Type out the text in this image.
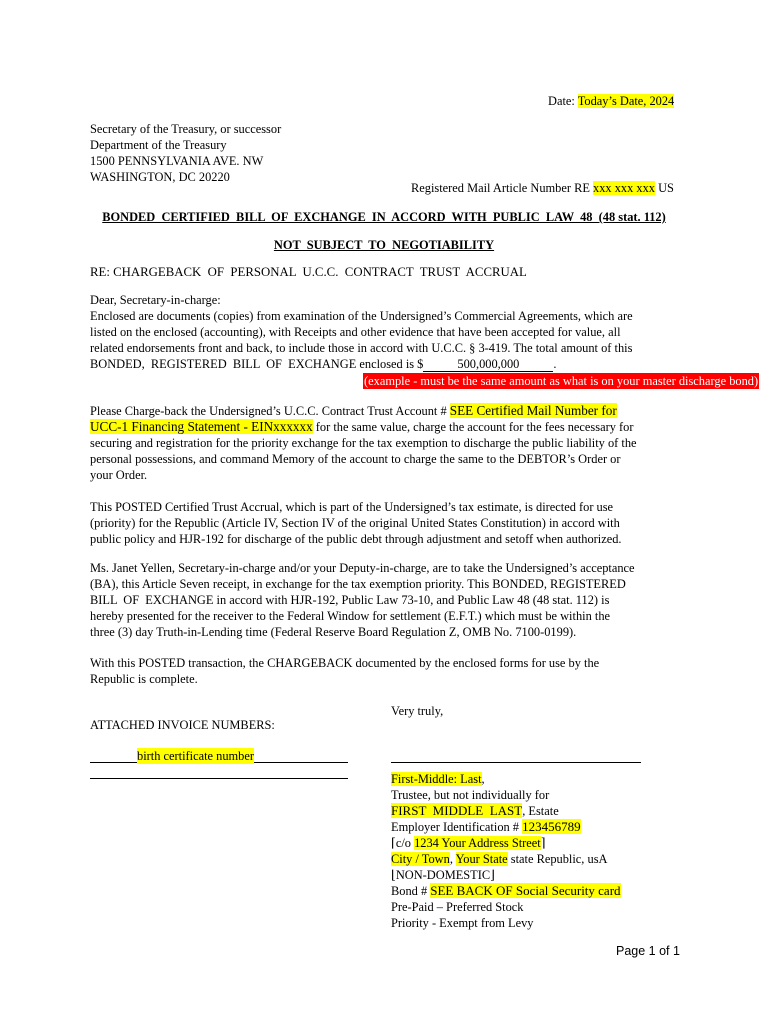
Date: Today’s Date, 2024
Secretary of the Treasury, or successor
Department of the Treasury
1500 PENNSYLVANIA AVE. NW
WASHINGTON, DC 20220
Registered Mail Article Number RE xxx xxx xxx US
BONDED  CERTIFIED  BILL  OF  EXCHANGE  IN  ACCORD  WITH  PUBLIC  LAW  48  (48 stat. 112)
NOT  SUBJECT  TO  NEGOTIABILITY
RE: CHARGEBACK  OF  PERSONAL  U.C.C.  CONTRACT  TRUST  ACCRUAL
Dear, Secretary-in-charge:
Enclosed are documents (copies) from examination of the Undersigned’s Commercial Agreements, which are
listed on the enclosed (accounting), with Receipts and other evidence that have been accepted for value, all
related endorsements front and back, to include those in accord with U.C.C. § 3-419. The total amount of this
BONDED,  REGISTERED  BILL  OF  EXCHANGE enclosed is $	500,000,000	.
(example - must be the same amount as what is on your master discharge bond)
Please Charge-back the Undersigned’s U.C.C. Contract Trust Account # SEE Certified Mail Number for
UCC-1 Financing Statement - EINxxxxxx for the same value, charge the account for the fees necessary for
securing and registration for the priority exchange for the tax exemption to discharge the public liability of the
personal possessions, and command Memory of the account to charge the same to the DEBTOR’s Order or
your Order.
This POSTED Certified Trust Accrual, which is part of the Undersigned’s tax estimate, is directed for use
(priority) for the Republic (Article IV, Section IV of the original United States Constitution) in accord with
public policy and HJR-192 for discharge of the public debt through adjustment and setoff when authorized.
Ms. Janet Yellen, Secretary-in-charge and/or your Deputy-in-charge, are to take the Undersigned’s acceptance
(BA), this Article Seven receipt, in exchange for the tax exemption priority. This BONDED, REGISTERED
BILL  OF  EXCHANGE in accord with HJR-192, Public Law 73-10, and Public Law 48 (48 stat. 112) is
hereby presented for the receiver to the Federal Window for settlement (E.F.T.) which must be within the
three (3) day Truth-in-Lending time (Federal Reserve Board Regulation Z, OMB No. 7100-0199).
With this POSTED transaction, the CHARGEBACK documented by the enclosed forms for use by the
Republic is complete.
Very truly,
ATTACHED INVOICE NUMBERS:
birth certificate number
First-Middle: Last,
Trustee, but not individually for
FIRST  MIDDLE  LAST, Estate
Employer Identification # 123456789
⌈c/o 1234 Your Address Street⌉
City / Town, Your State state Republic, usA
⌊NON-DOMESTIC⌋
Bond # SEE BACK OF Social Security card
Pre-Paid – Preferred Stock
Priority - Exempt from Levy
Page 1 of 1
